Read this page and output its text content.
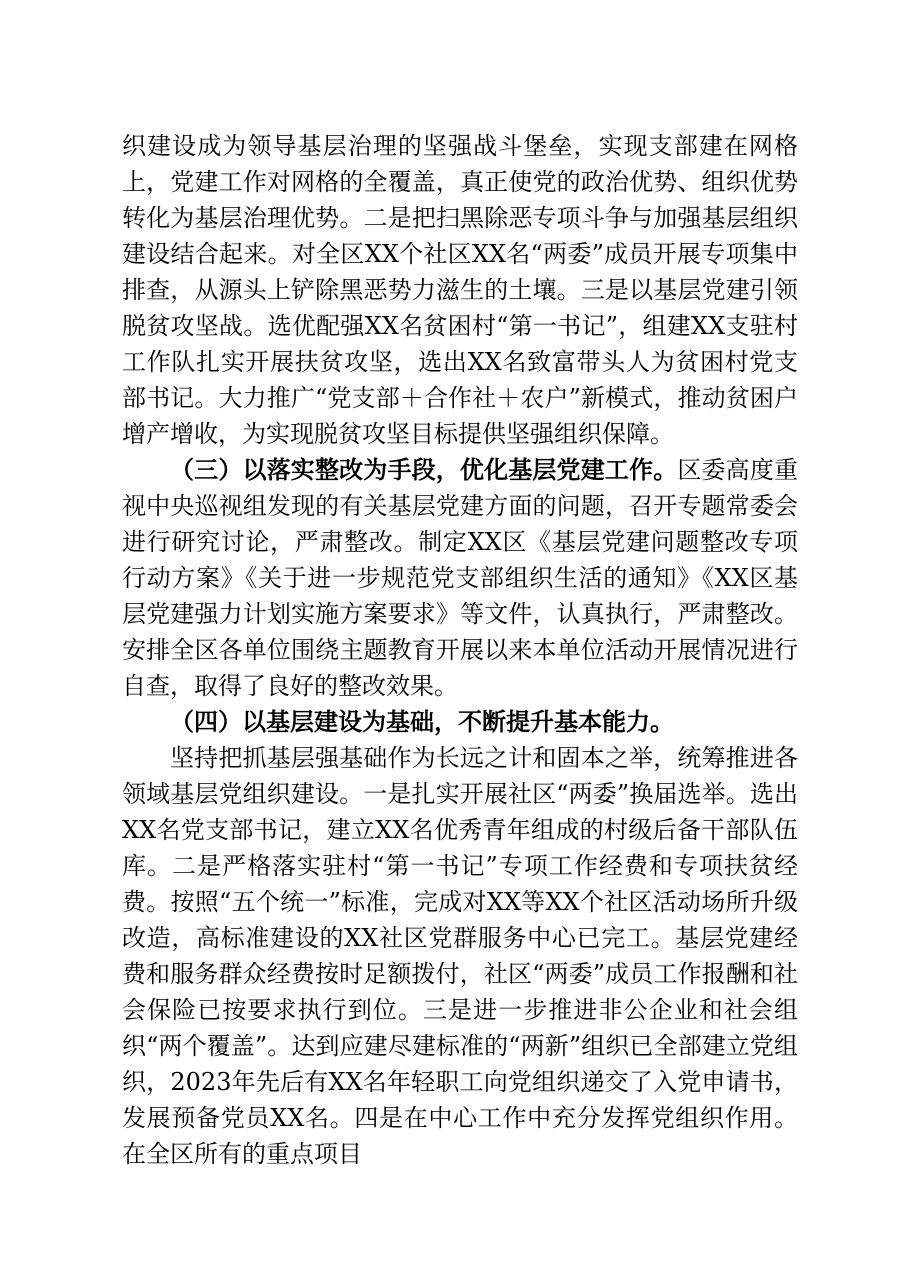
织建设成为领导基层治理的坚强战斗堡垒，实现支部建在网格上，党建工作对网格的全覆盖，真正使党的政治优势、组织优势转化为基层治理优势。二是把扫黑除恶专项斗争与加强基层组织建设结合起来。对全区XX个社区XX名“两委”成员开展专项集中排查，从源头上铲除黑恶势力滋生的土壤。三是以基层党建引领脱贫攻坚战。选优配强XX名贫困村“第一书记”，组建XX支驻村工作队扎实开展扶贫攻坚，选出XX名致富带头人为贫困村党支部书记。大力推广“党支部＋合作社＋农户”新模式，推动贫困户增产增收，为实现脱贫攻坚目标提供坚强组织保障。

（三）以落实整改为手段，优化基层党建工作。区委高度重视中央巡视组发现的有关基层党建方面的问题，召开专题常委会进行研究讨论，严肃整改。制定XX区《基层党建问题整改专项行动方案》《关于进一步规范党支部组织生活的通知》《XX区基层党建强力计划实施方案要求》等文件，认真执行，严肃整改。安排全区各单位围绕主题教育开展以来本单位活动开展情况进行自查，取得了良好的整改效果。

（四）以基层建设为基础，不断提升基本能力。

坚持把抓基层强基础作为长远之计和固本之举，统筹推进各领域基层党组织建设。一是扎实开展社区“两委”换届选举。选出XX名党支部书记，建立XX名优秀青年组成的村级后备干部队伍库。二是严格落实驻村“第一书记”专项工作经费和专项扶贫经费。按照“五个统一”标准，完成对XX等XX个社区活动场所升级改造，高标准建设的XX社区党群服务中心已完工。基层党建经费和服务群众经费按时足额拨付，社区“两委”成员工作报酬和社会保险已按要求执行到位。三是进一步推进非公企业和社会组织“两个覆盖”。达到应建尽建标准的“两新”组织已全部建立党组织，2023年先后有XX名年轻职工向党组织递交了入党申请书，发展预备党员XX名。四是在中心工作中充分发挥党组织作用。在全区所有的重点项目
